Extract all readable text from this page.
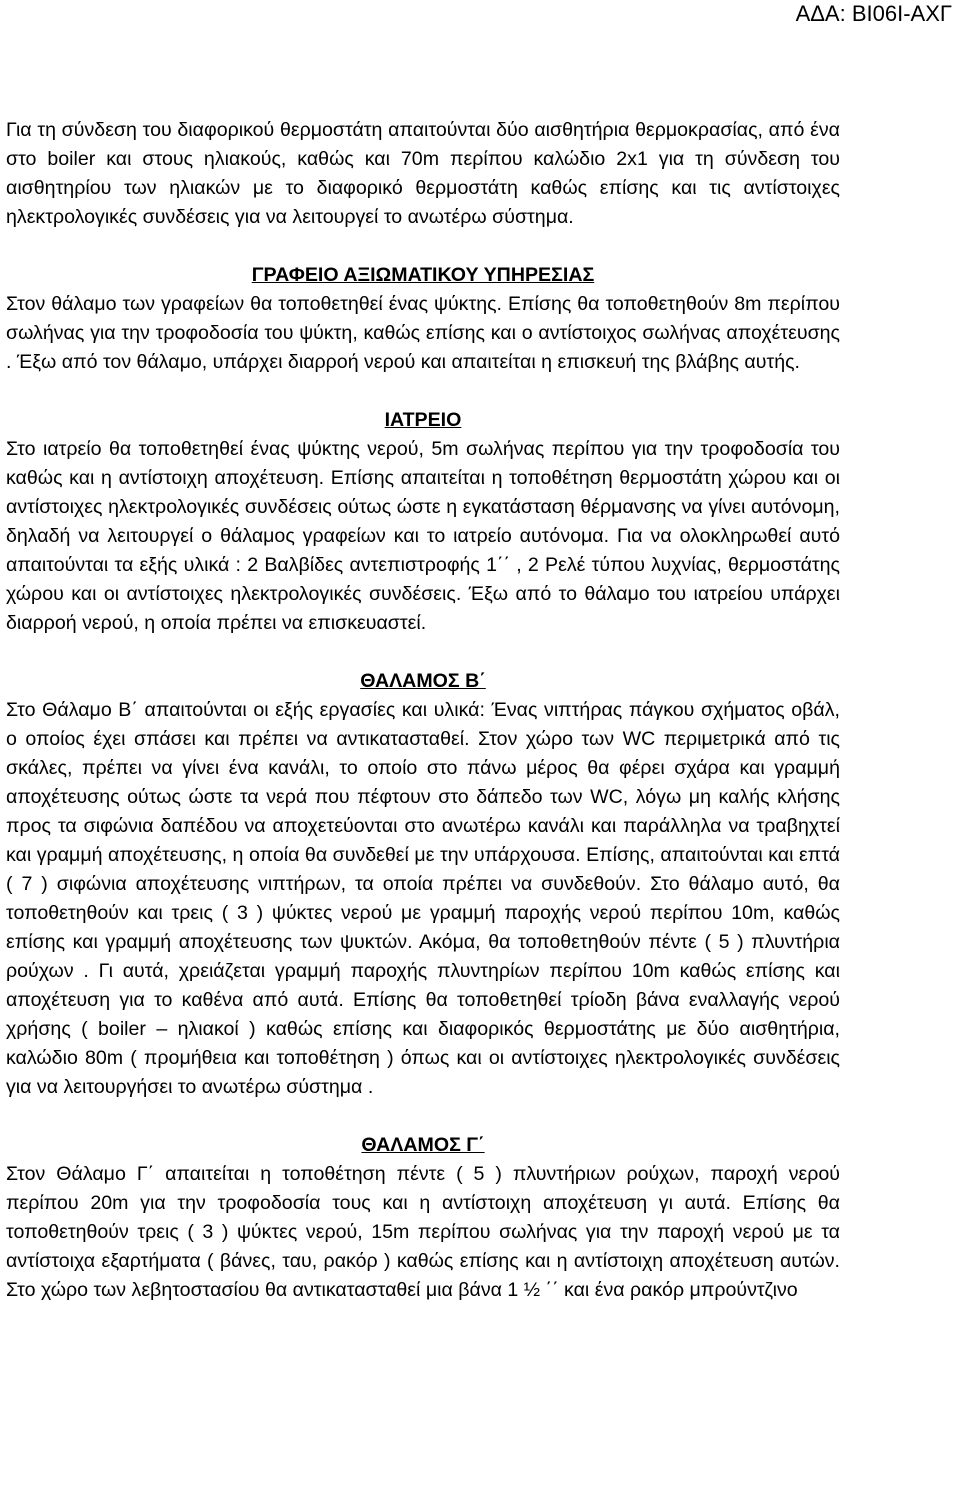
ΑΔΑ: ΒΙ06Ι-ΑΧΓ

Για τη σύνδεση του διαφορικού θερμοστάτη απαιτούνται δύο αισθητήρια θερμοκρασίας, από ένα στο boiler και στους ηλιακούς, καθώς και 70m περίπου καλώδιο 2x1 για τη σύνδεση του αισθητηρίου των ηλιακών με το διαφορικό θερμοστάτη καθώς επίσης και τις αντίστοιχες ηλεκτρολογικές συνδέσεις για να λειτουργεί το ανωτέρω σύστημα.

ΓΡΑΦΕΙΟ ΑΞΙΩΜΑΤΙΚΟΥ ΥΠΗΡΕΣΙΑΣ

Στον θάλαμο των γραφείων θα τοποθετηθεί ένας ψύκτης. Επίσης θα τοποθετηθούν 8m περίπου σωλήνας για την τροφοδοσία του ψύκτη, καθώς επίσης και ο αντίστοιχος σωλήνας αποχέτευσης . Έξω από τον θάλαμο, υπάρχει διαρροή νερού και απαιτείται η επισκευή της βλάβης αυτής.

ΙΑΤΡΕΙΟ

Στο ιατρείο θα τοποθετηθεί ένας ψύκτης νερού, 5m σωλήνας περίπου για την τροφοδοσία του καθώς και η αντίστοιχη αποχέτευση. Επίσης απαιτείται η τοποθέτηση θερμοστάτη χώρου και οι αντίστοιχες ηλεκτρολογικές συνδέσεις ούτως ώστε η εγκατάσταση θέρμανσης να γίνει αυτόνομη, δηλαδή να λειτουργεί ο θάλαμος γραφείων και το ιατρείο αυτόνομα. Για να ολοκληρωθεί αυτό απαιτούνται τα εξής υλικά : 2 Βαλβίδες αντεπιστροφής 1΄΄ , 2 Ρελέ τύπου λυχνίας, θερμοστάτης χώρου και οι αντίστοιχες ηλεκτρολογικές συνδέσεις. Έξω από το θάλαμο του ιατρείου υπάρχει διαρροή νερού, η οποία πρέπει να επισκευαστεί.

ΘΑΛΑΜΟΣ Β΄

Στο Θάλαμο Β΄ απαιτούνται οι εξής εργασίες και υλικά: Ένας νιπτήρας πάγκου σχήματος οβάλ, ο οποίος έχει σπάσει και πρέπει να αντικατασταθεί. Στον χώρο των WC περιμετρικά από τις σκάλες, πρέπει να γίνει ένα κανάλι, το οποίο στο πάνω μέρος θα φέρει σχάρα και γραμμή αποχέτευσης ούτως ώστε τα νερά που πέφτουν στο δάπεδο των WC, λόγω μη καλής κλήσης προς τα σιφώνια δαπέδου να αποχετεύονται στο ανωτέρω κανάλι και παράλληλα να τραβηχτεί και γραμμή αποχέτευσης, η οποία θα συνδεθεί με την υπάρχουσα. Επίσης, απαιτούνται και επτά ( 7 ) σιφώνια αποχέτευσης νιπτήρων, τα οποία πρέπει να συνδεθούν. Στο θάλαμο αυτό, θα τοποθετηθούν και τρεις ( 3 ) ψύκτες νερού με γραμμή παροχής νερού περίπου 10m, καθώς επίσης και γραμμή αποχέτευσης των ψυκτών. Ακόμα, θα τοποθετηθούν πέντε ( 5 ) πλυντήρια ρούχων . Γι αυτά, χρειάζεται γραμμή παροχής πλυντηρίων περίπου 10m καθώς επίσης και αποχέτευση για το καθένα από αυτά. Επίσης θα τοποθετηθεί τρίοδη βάνα εναλλαγής νερού χρήσης ( boiler – ηλιακοί ) καθώς επίσης και διαφορικός θερμοστάτης με δύο αισθητήρια, καλώδιο 80m ( προμήθεια και τοποθέτηση ) όπως και οι αντίστοιχες ηλεκτρολογικές συνδέσεις για να λειτουργήσει το ανωτέρω σύστημα .

ΘΑΛΑΜΟΣ Γ΄

Στον Θάλαμο Γ΄ απαιτείται η τοποθέτηση πέντε ( 5 ) πλυντήριων ρούχων, παροχή νερού περίπου 20m για την τροφοδοσία τους και η αντίστοιχη αποχέτευση γι αυτά. Επίσης θα τοποθετηθούν τρεις ( 3 ) ψύκτες νερού, 15m περίπου σωλήνας για την παροχή νερού με τα αντίστοιχα εξαρτήματα ( βάνες, ταυ, ρακόρ ) καθώς επίσης και η αντίστοιχη αποχέτευση αυτών. Στο χώρο των λεβητοστασίου θα αντικατασταθεί μια βάνα 1 ½ ΄΄ και ένα ρακόρ μπρούντζινο
